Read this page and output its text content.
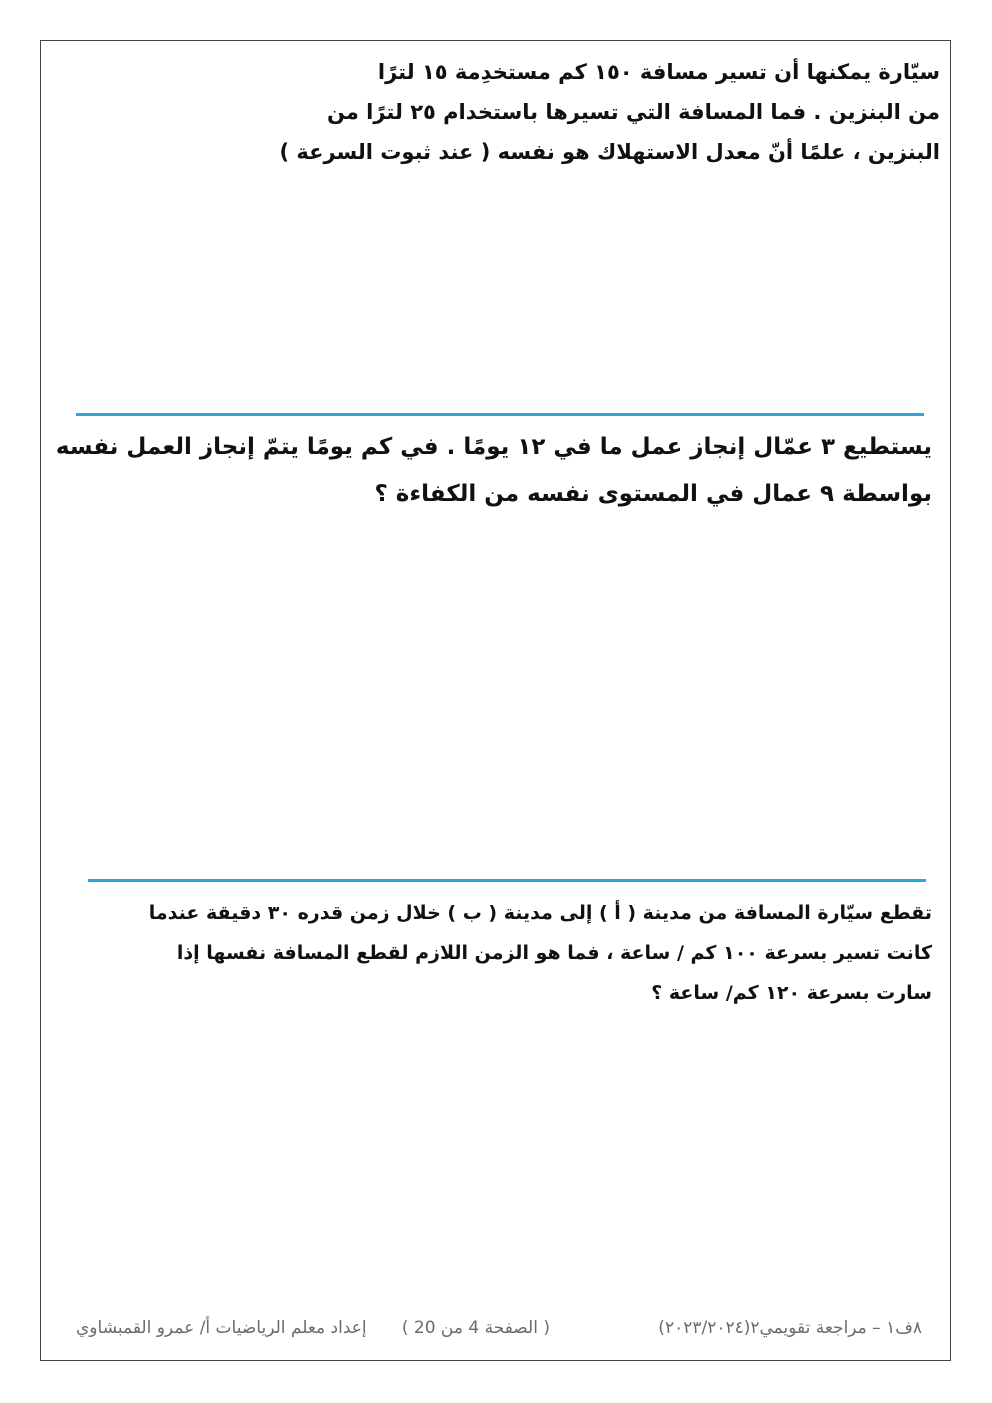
سيّارة يمكنها أن تسير مسافة ١٥٠ كم مستخدِمة ١٥ لترًا
من البنزين . فما المسافة التي تسيرها باستخدام ٢٥ لترًا من
البنزين ، علمًا أنّ معدل الاستهلاك هو نفسه ( عند ثبوت السرعة )
يستطيع ٣ عمّال إنجاز عمل ما في ١٢ يومًا . في كم يومًا يتمّ إنجاز العمل نفسه
بواسطة ٩ عمال في المستوى نفسه من الكفاءة ؟
تقطع سيّارة المسافة من مدينة ( أ ) إلى مدينة ( ب ) خلال زمن قدره ٣٠ دقيقة عندما
كانت تسير بسرعة ١٠٠ كم / ساعة ، فما هو الزمن اللازم لقطع المسافة نفسها إذا
سارت بسرعة ١٢٠ كم/ ساعة ؟
٨ف١ – مراجعة تقويمي٢(٢٠٢٣/٢٠٢٤)
( الصفحة 4 من 20 )
إعداد معلم الرياضيات أ/ عمرو القمبشاوي
